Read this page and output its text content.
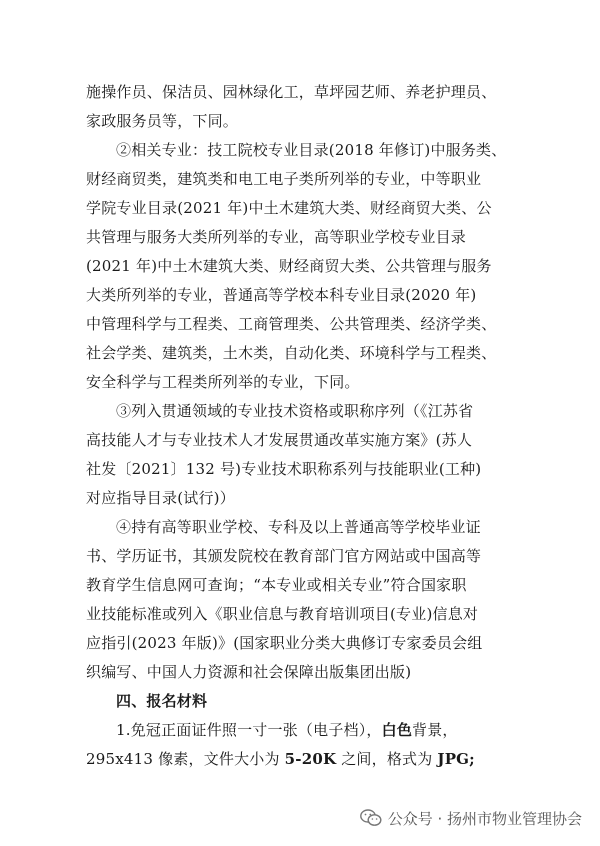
施操作员、保洁员、园林绿化工，草坪园艺师、养老护理员、
家政服务员等，下同。
②相关专业：技工院校专业目录(2018 年修订)中服务类、
财经商贸类，建筑类和电工电子类所列举的专业，中等职业
学院专业目录(2021 年)中土木建筑大类、财经商贸大类、公
共管理与服务大类所列举的专业，高等职业学校专业目录
(2021 年)中土木建筑大类、财经商贸大类、公共管理与服务
大类所列举的专业，普通高等学校本科专业目录(2020 年)
中管理科学与工程类、工商管理类、公共管理类、经济学类、
社会学类、建筑类，土木类，自动化类、环境科学与工程类、
安全科学与工程类所列举的专业，下同。
③列入贯通领域的专业技术资格或职称序列（《江苏省
高技能人才与专业技术人才发展贯通改革实施方案》(苏人
社发〔2021〕132 号)专业技术职称系列与技能职业(工种)
对应指导目录(试行)）
④持有高等职业学校、专科及以上普通高等学校毕业证
书、学历证书，其颁发院校在教育部门官方网站或中国高等
教育学生信息网可查询；“本专业或相关专业”符合国家职
业技能标准或列入《职业信息与教育培训项目(专业)信息对
应指引(2023 年版)》(国家职业分类大典修订专家委员会组
织编写、中国人力资源和社会保障出版集团出版)
四、报名材料
1.免冠正面证件照一寸一张（电子档），白色背景，
295x413 像素，文件大小为 5-20K 之间，格式为 JPG;
公众号 · 扬州市物业管理协会
